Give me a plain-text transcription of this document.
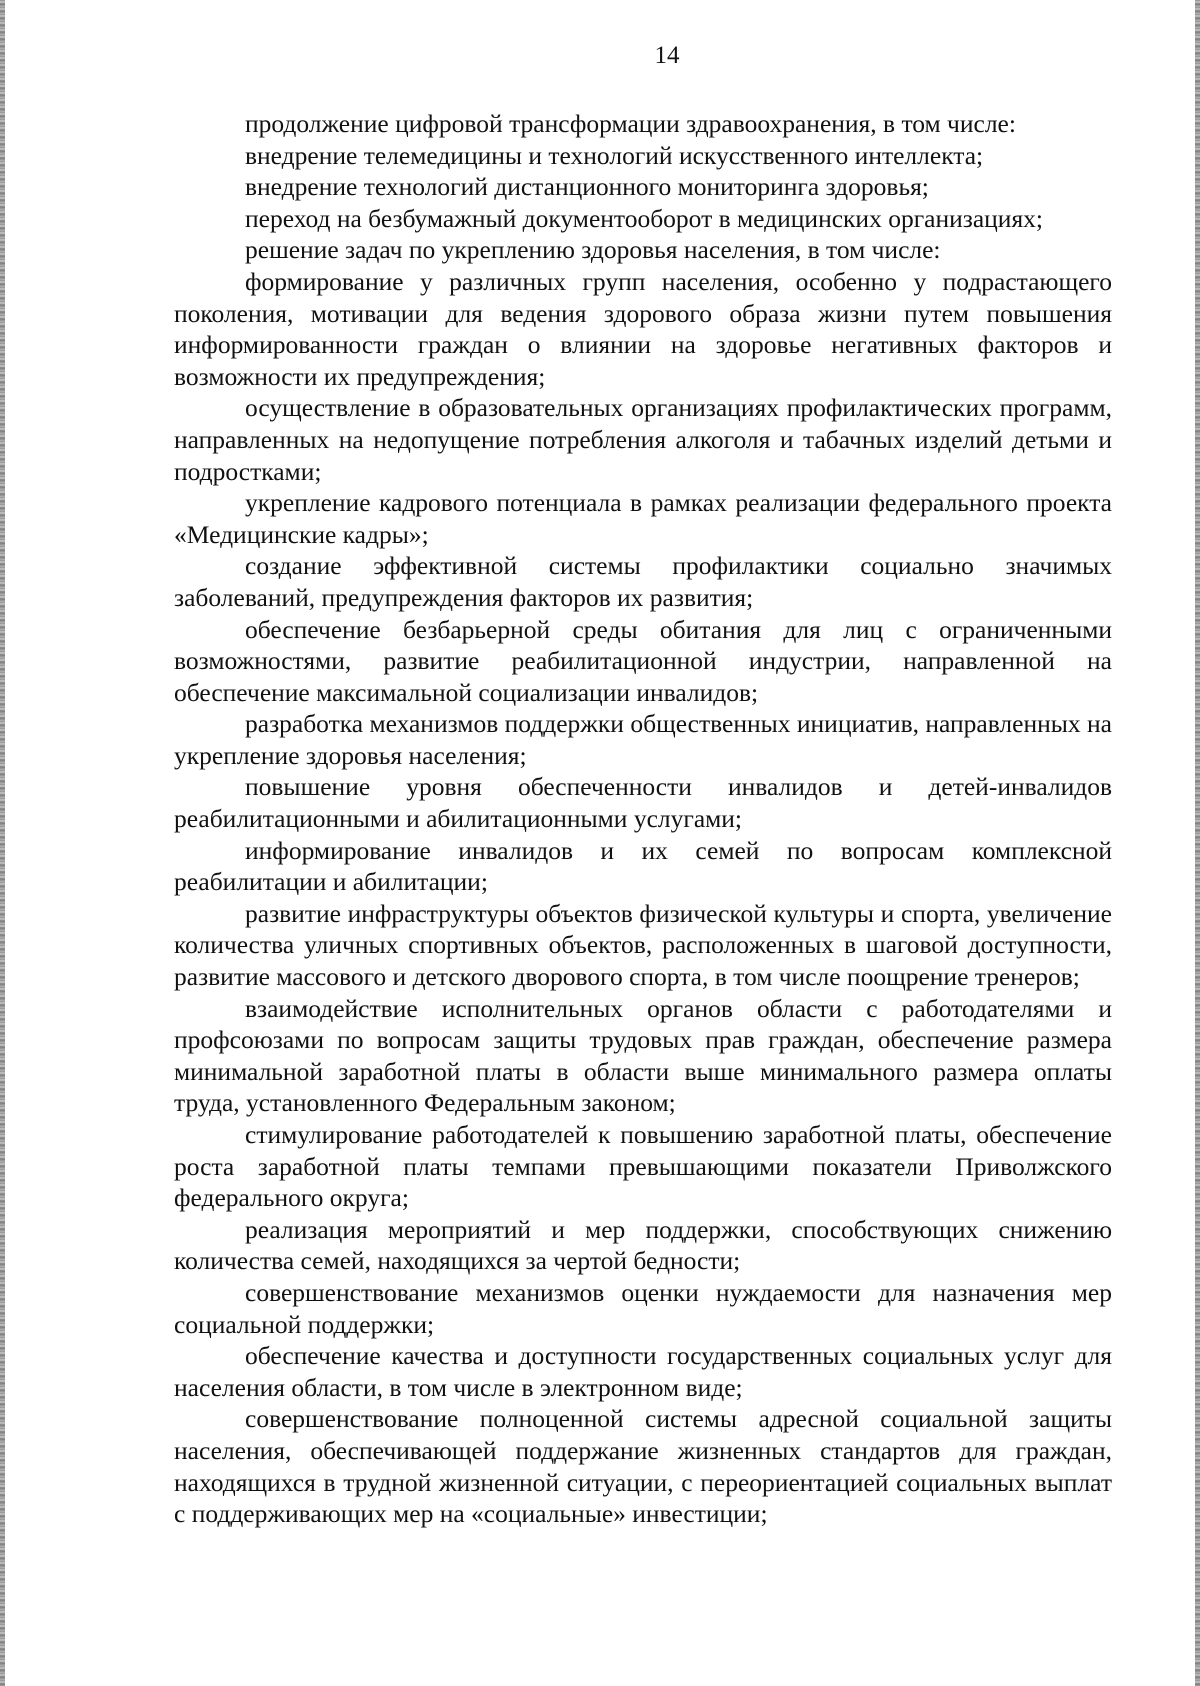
14

продолжение цифровой трансформации здравоохранения, в том числе:

внедрение телемедицины и технологий искусственного интеллекта;

внедрение технологий дистанционного мониторинга здоровья;

переход на безбумажный документооборот в медицинских организациях;

решение задач по укреплению здоровья населения, в том числе:

формирование у различных групп населения, особенно у подрастающего поколения, мотивации для ведения здорового образа жизни путем повышения информированности граждан о влиянии на здоровье негативных факторов и возможности их предупреждения;

осуществление в образовательных организациях профилактических программ, направленных на недопущение потребления алкоголя и табачных изделий детьми и подростками;

укрепление кадрового потенциала в рамках реализации федерального проекта «Медицинские кадры»;

создание эффективной системы профилактики социально значимых заболеваний, предупреждения факторов их развития;

обеспечение безбарьерной среды обитания для лиц с ограниченными возможностями, развитие реабилитационной индустрии, направленной на обеспечение максимальной социализации инвалидов;

разработка механизмов поддержки общественных инициатив, направленных на укрепление здоровья населения;

повышение уровня обеспеченности инвалидов и детей-инвалидов реабилитационными и абилитационными услугами;

информирование инвалидов и их семей по вопросам комплексной реабилитации и абилитации;

развитие инфраструктуры объектов физической культуры и спорта, увеличение количества уличных спортивных объектов, расположенных в шаговой доступности, развитие массового и детского дворового спорта, в том числе поощрение тренеров;

взаимодействие исполнительных органов области с работодателями и профсоюзами по вопросам защиты трудовых прав граждан, обеспечение размера минимальной заработной платы в области выше минимального размера оплаты труда, установленного Федеральным законом;

стимулирование работодателей к повышению заработной платы, обеспечение роста заработной платы темпами превышающими показатели Приволжского федерального округа;

реализация мероприятий и мер поддержки, способствующих снижению количества семей, находящихся за чертой бедности;

совершенствование механизмов оценки нуждаемости для назначения мер социальной поддержки;

обеспечение качества и доступности государственных социальных услуг для населения области, в том числе в электронном виде;

совершенствование полноценной системы адресной социальной защиты населения, обеспечивающей поддержание жизненных стандартов для граждан, находящихся в трудной жизненной ситуации, с переориентацией социальных выплат с поддерживающих мер на «социальные» инвестиции;
